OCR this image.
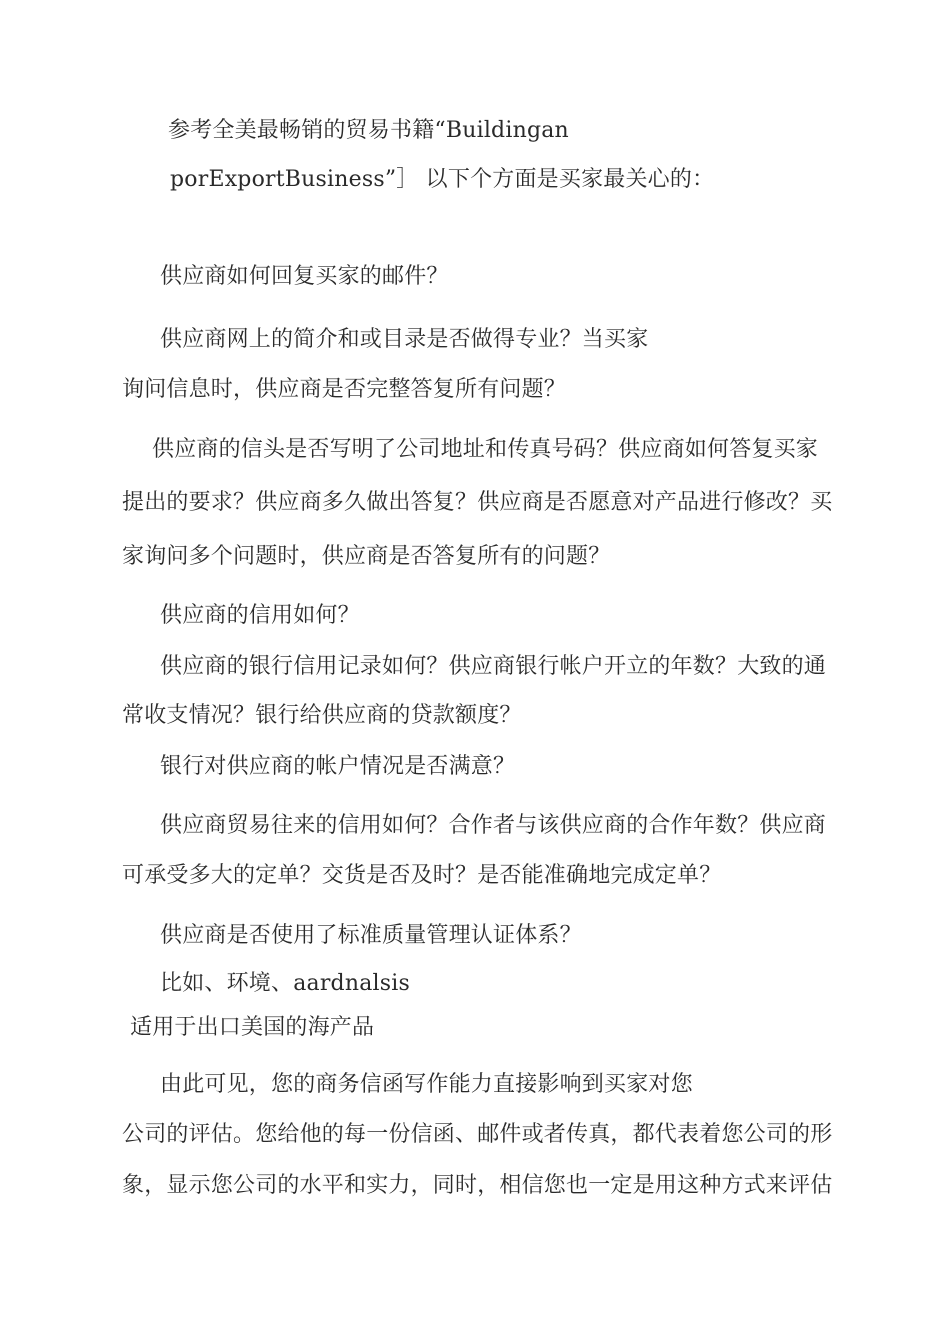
参考全美最畅销的贸易书籍“Buildingan
porExportBusiness”］ 以下个方面是买家最关心的：
供应商如何回复买家的邮件？
供应商网上的简介和或目录是否做得专业？当买家
询问信息时，供应商是否完整答复所有问题？
供应商的信头是否写明了公司地址和传真号码？供应商如何答复买家
提出的要求？供应商多久做出答复？供应商是否愿意对产品进行修改？买
家询问多个问题时，供应商是否答复所有的问题？
供应商的信用如何？
供应商的银行信用记录如何？供应商银行帐户开立的年数？大致的通
常收支情况？银行给供应商的贷款额度？
银行对供应商的帐户情况是否满意？
供应商贸易往来的信用如何？合作者与该供应商的合作年数？供应商
可承受多大的定单？交货是否及时？是否能准确地完成定单？
供应商是否使用了标准质量管理认证体系？
比如、环境、aardnalsis
适用于出口美国的海产品
由此可见，您的商务信函写作能力直接影响到买家对您
公司的评估。您给他的每一份信函、邮件或者传真，都代表着您公司的形
象，显示您公司的水平和实力，同时，相信您也一定是用这种方式来评估
